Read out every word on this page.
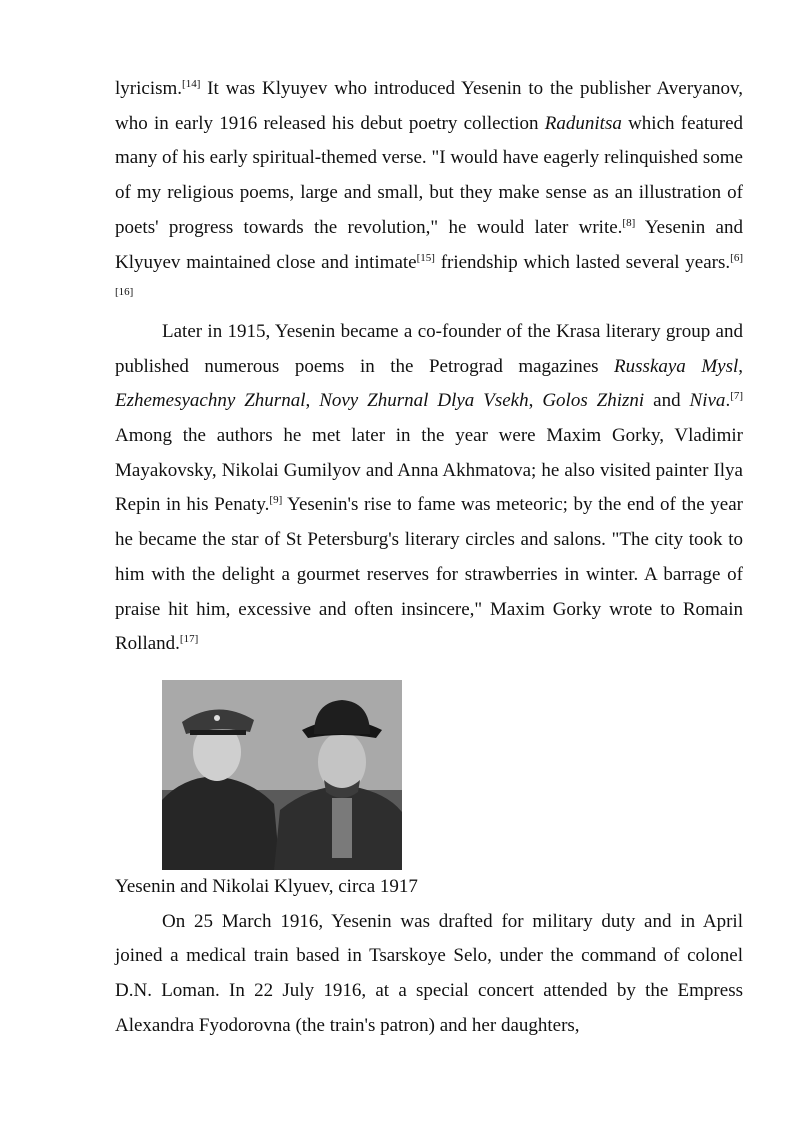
lyricism.[14] It was Klyuyev who introduced Yesenin to the publisher Averyanov, who in early 1916 released his debut poetry collection Radunitsa which featured many of his early spiritual-themed verse. "I would have eagerly relinquished some of my religious poems, large and small, but they make sense as an illustration of poets' progress towards the revolution," he would later write.[8] Yesenin and Klyuyev maintained close and intimate[15] friendship which lasted several years.[6][16]

Later in 1915, Yesenin became a co-founder of the Krasa literary group and published numerous poems in the Petrograd magazines Russkaya Mysl, Ezhemesyachny Zhurnal, Novy Zhurnal Dlya Vsekh, Golos Zhizni and Niva.[7] Among the authors he met later in the year were Maxim Gorky, Vladimir Mayakovsky, Nikolai Gumilyov and Anna Akhmatova; he also visited painter Ilya Repin in his Penaty.[9] Yesenin's rise to fame was meteoric; by the end of the year he became the star of St Petersburg's literary circles and salons. "The city took to him with the delight a gourmet reserves for strawberries in winter. A barrage of praise hit him, excessive and often insincere," Maxim Gorky wrote to Romain Rolland.[17]

Yesenin and Nikolai Klyuev, circa 1917

On 25 March 1916, Yesenin was drafted for military duty and in April joined a medical train based in Tsarskoye Selo, under the command of colonel D.N. Loman. In 22 July 1916, at a special concert attended by the Empress Alexandra Fyodorovna (the train's patron) and her daughters,
